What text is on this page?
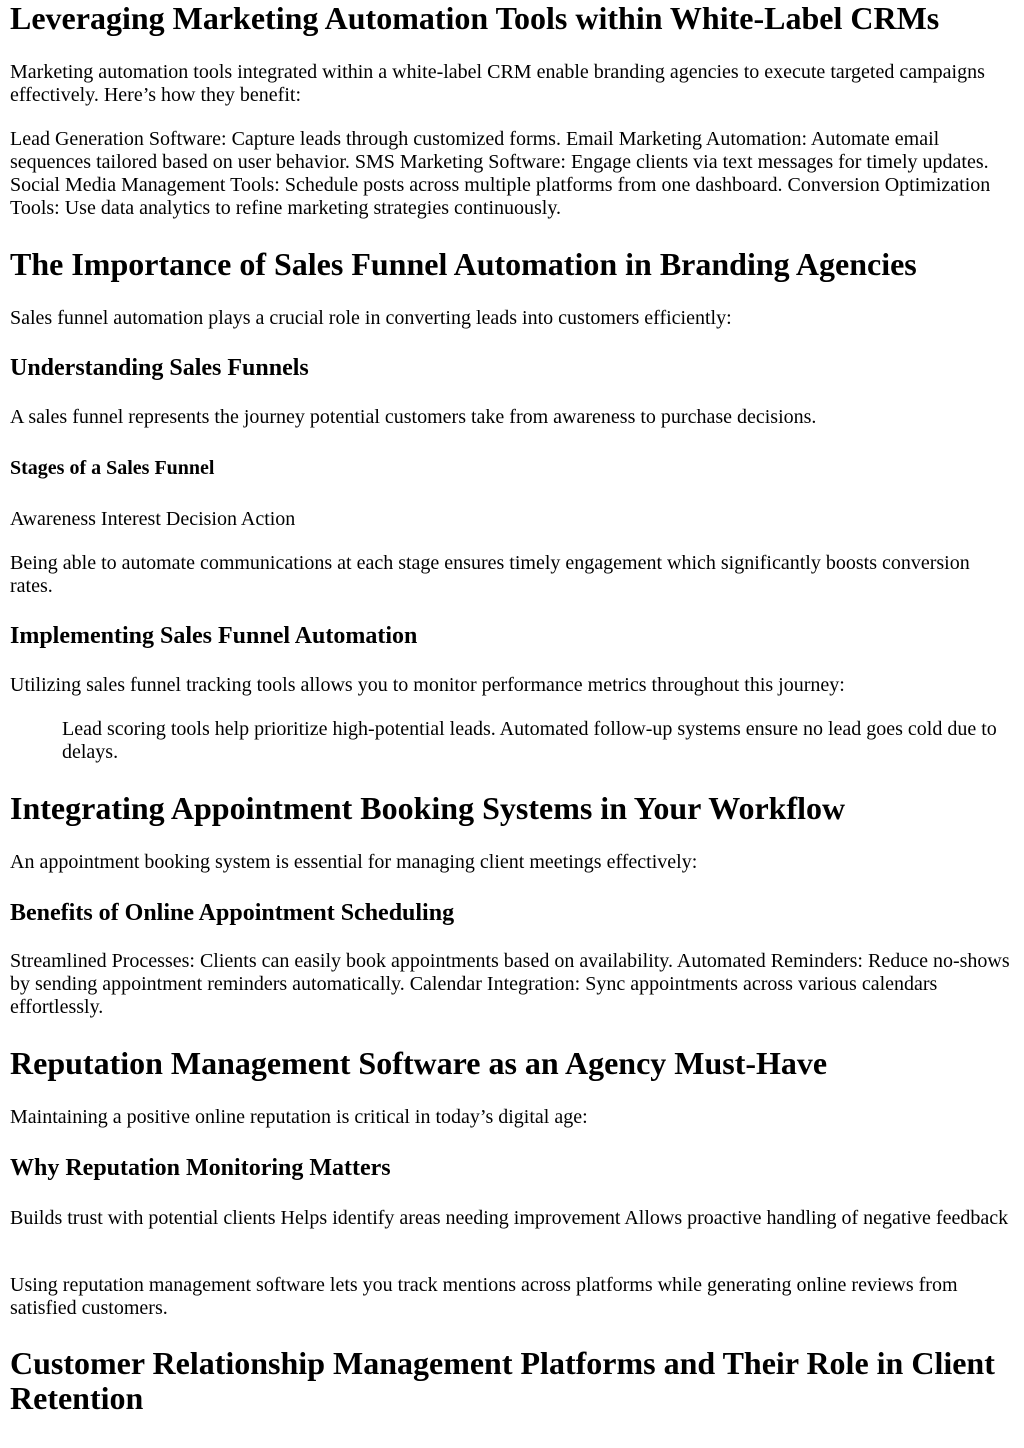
Leveraging Marketing Automation Tools within White-Label CRMs

Marketing automation tools integrated within a white-label CRM enable branding agencies to execute targeted campaigns effectively. Here’s how they benefit:

Lead Generation Software: Capture leads through customized forms. Email Marketing Automation: Automate email sequences tailored based on user behavior. SMS Marketing Software: Engage clients via text messages for timely updates. Social Media Management Tools: Schedule posts across multiple platforms from one dashboard. Conversion Optimization Tools: Use data analytics to refine marketing strategies continuously.

The Importance of Sales Funnel Automation in Branding Agencies

Sales funnel automation plays a crucial role in converting leads into customers efficiently:

Understanding Sales Funnels

A sales funnel represents the journey potential customers take from awareness to purchase decisions.

Stages of a Sales Funnel

Awareness Interest Decision Action

Being able to automate communications at each stage ensures timely engagement which significantly boosts conversion rates.

Implementing Sales Funnel Automation

Utilizing sales funnel tracking tools allows you to monitor performance metrics throughout this journey:

Lead scoring tools help prioritize high-potential leads. Automated follow-up systems ensure no lead goes cold due to delays.
Integrating Appointment Booking Systems in Your Workflow

An appointment booking system is essential for managing client meetings effectively:

Benefits of Online Appointment Scheduling

Streamlined Processes: Clients can easily book appointments based on availability. Automated Reminders: Reduce no-shows by sending appointment reminders automatically. Calendar Integration: Sync appointments across various calendars effortlessly.

Reputation Management Software as an Agency Must-Have

Maintaining a positive online reputation is critical in today’s digital age:

Why Reputation Monitoring Matters

Builds trust with potential clients Helps identify areas needing improvement Allows proactive handling of negative feedback

Using reputation management software lets you track mentions across platforms while generating online reviews from satisfied customers.

Customer Relationship Management Platforms and Their Role in Client Retention
